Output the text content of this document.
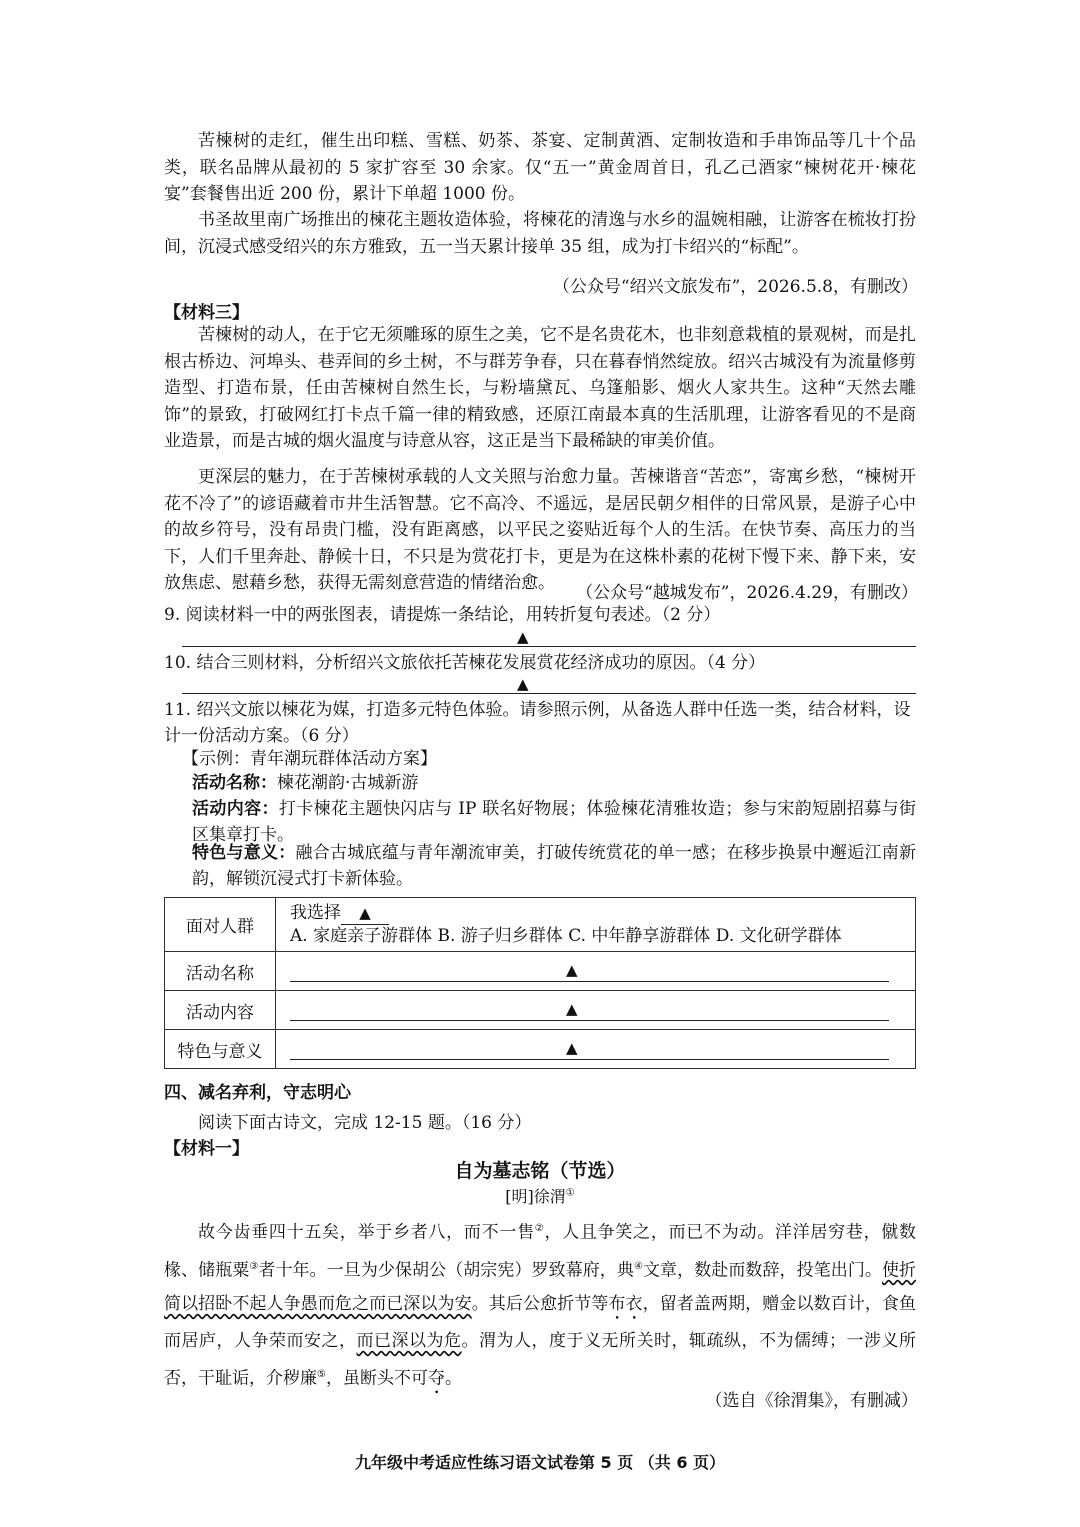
苦楝树的走红，催生出印糕、雪糕、奶茶、茶宴、定制黄酒、定制妆造和手串饰品等几十个品类，联名品牌从最初的 5 家扩容至 30 余家。仅“五一”黄金周首日，孔乙己酒家“楝树花开·楝花宴”套餐售出近 200 份，累计下单超 1000 份。
书圣故里南广场推出的楝花主题妆造体验，将楝花的清逸与水乡的温婉相融，让游客在梳妆打扮间，沉浸式感受绍兴的东方雅致，五一当天累计接单 35 组，成为打卡绍兴的“标配”。
（公众号“绍兴文旅发布”，2026.5.8，有删改）
【材料三】
苦楝树的动人，在于它无须雕琢的原生之美，它不是名贵花木，也非刻意栽植的景观树，而是扎根古桥边、河埠头、巷弄间的乡土树，不与群芳争春，只在暮春悄然绽放。绍兴古城没有为流量修剪造型、打造布景，任由苦楝树自然生长，与粉墙黛瓦、乌篷船影、烟火人家共生。这种“天然去雕饰”的景致，打破网红打卡点千篇一律的精致感，还原江南最本真的生活肌理，让游客看见的不是商业造景，而是古城的烟火温度与诗意从容，这正是当下最稀缺的审美价值。
更深层的魅力，在于苦楝树承载的人文关照与治愈力量。苦楝谐音“苦恋”，寄寓乡愁，“楝树开花不冷了”的谚语藏着市井生活智慧。它不高冷、不遥远，是居民朝夕相伴的日常风景，是游子心中的故乡符号，没有昂贵门槛，没有距离感，以平民之姿贴近每个人的生活。在快节奏、高压力的当下，人们千里奔赴、静候十日，不只是为赏花打卡，更是为在这株朴素的花树下慢下来、静下来，安放焦虑、慰藉乡愁，获得无需刻意营造的情绪治愈。	（公众号“越城发布”，2026.4.29，有删改）
9. 阅读材料一中的两张图表，请提炼一条结论，用转折复句表述。（2 分）
▲
10. 结合三则材料，分析绍兴文旅依托苦楝花发展赏花经济成功的原因。（4 分）
▲
11. 绍兴文旅以楝花为媒，打造多元特色体验。请参照示例，从备选人群中任选一类，结合材料，设计一份活动方案。（6 分）
【示例：青年潮玩群体活动方案】
活动名称：楝花潮韵·古城新游
活动内容：打卡楝花主题快闪店与 IP 联名好物展；体验楝花清雅妆造；参与宋韵短剧招募与街区集章打卡。
特色与意义：融合古城底蕴与青年潮流审美，打破传统赏花的单一感；在移步换景中邂逅江南新韵，解锁沉浸式打卡新体验。
面对人群	我选择 ▲
A. 家庭亲子游群体 B. 游子归乡群体 C. 中年静享游群体 D. 文化研学群体

活动名称	▲

活动内容	▲

特色与意义	▲
四、减名弃利，守志明心
阅读下面古诗文，完成 12-15 题。（16 分）
【材料一】
自为墓志铭（节选）
[明]徐渭①
故今齿垂四十五矣，举于乡者八，而不一售②，人且争笑之，而已不为动。洋洋居穷巷，僦数椽、储瓶粟③者十年。一旦为少保胡公（胡宗宪）罗致幕府，典④文章，数赴而数辞，投笔出门。使折简以招卧不起人争愚而危之而已深以为安。其后公愈折节等布衣，留者盖两期，赠金以数百计，食鱼而居庐，人争荣而安之，而已深以为危。渭为人，度于义无所关时，辄疏纵，不为儒缚；一涉义所否，干耻诟，介秽廉⑤，虽断头不可夺。
（选自《徐渭集》，有删减）
九年级中考适应性练习语文试卷第 5 页 （共 6 页）
